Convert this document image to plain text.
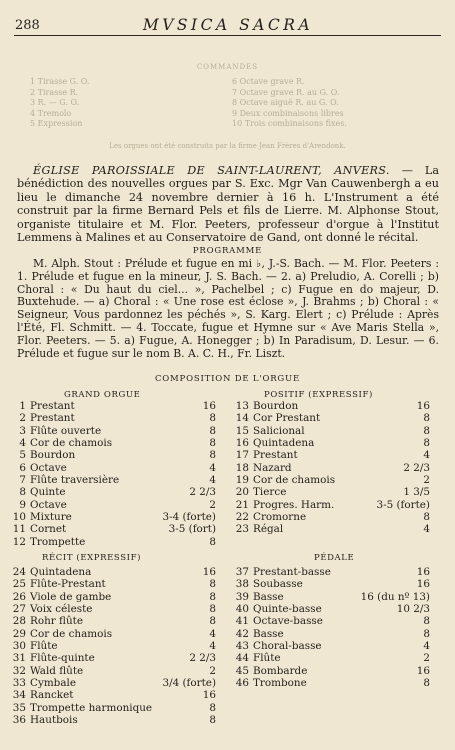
288	MVSICA SACRA
COMMANDES
1 Tirasse G. O.
2 Tirasse R.
3 R. — G. O.
4 Tremolo
5 Expression
6 Octave grave R.
7 Octave grave R. au G. O.
8 Octave aiguë R. au G. O.
9 Deux combinaisons libres
10 Trois combinaisons fixes.
Les orgues ont été construits par la firme Jean Frères d'Arendonk.

ÉGLISE PAROISSIALE DE SAINT-LAURENT, ANVERS. — La bénédiction des nouvelles orgues par S. Exc. Mgr Van Cauwenbergh a eu lieu le dimanche 24 novembre dernier à 16 h. L'Instrument a été construit par la firme Bernard Pels et fils de Lierre. M. Alphonse Stout, organiste titulaire et M. Flor. Peeters, professeur d'orgue à l'Institut Lemmens à Malines et au Conservatoire de Gand, ont donné le récital.

PROGRAMME

M. Alph. Stout : Prélude et fugue en mi ♭, J.-S. Bach. — M. Flor. Peeters : 1. Prélude et fugue en la mineur, J. S. Bach. — 2. a) Preludio, A. Corelli ; b) Choral : « Du haut du ciel... », Pachelbel ; c) Fugue en do majeur, D. Buxtehude. — a) Choral : « Une rose est éclose », J. Brahms ; b) Choral : « Seigneur, Vous pardonnez les péchés », S. Karg. Elert ; c) Prélude : Après l'Été, Fl. Schmitt. — 4. Toccate, fugue et Hymne sur « Ave Maris Stella », Flor. Peeters. — 5. a) Fugue, A. Honegger ; b) In Paradisum, D. Lesur. — 6. Prélude et fugue sur le nom B. A. C. H., Fr. Liszt.

COMPOSITION DE L'ORGUE
GRAND ORGUE	POSITIF (EXPRESSIF)
1 Prestant	16
2 Prestant	8
3 Flûte ouverte	8
4 Cor de chamois	8
5 Bourdon	8
6 Octave	4
7 Flûte traversière	4
8 Quinte	2 2/3
9 Octave	2
10 Mixture	3-4 (forte)
11 Cornet	3-5 (fort)
12 Trompette	8
13 Bourdon	16
14 Cor Prestant	8
15 Salicional	8
16 Quintadena	8
17 Prestant	4
18 Nazard	2 2/3
19 Cor de chamois	2
20 Tierce	1 3/5
21 Progres. Harm.	3-5 (forte)
22 Cromorne	8
23 Régal	4
RÉCIT (EXPRESSIF)	PÉDALE
24 Quintadena	16
25 Flûte-Prestant	8
26 Viole de gambe	8
27 Voix céleste	8
28 Rohr flûte	8
29 Cor de chamois	4
30 Flûte	4
31 Flûte-quinte	2 2/3
32 Wald flûte	2
33 Cymbale	3/4 (forte)
34 Rancket	16
35 Trompette harmonique	8
36 Hautbois	8
37 Prestant-basse	16
38 Soubasse	16
39 Basse	16 (du nº 13)
40 Quinte-basse	10 2/3
41 Octave-basse	8
42 Basse	8
43 Choral-basse	4
44 Flûte	2
45 Bombarde	16
46 Trombone	8
